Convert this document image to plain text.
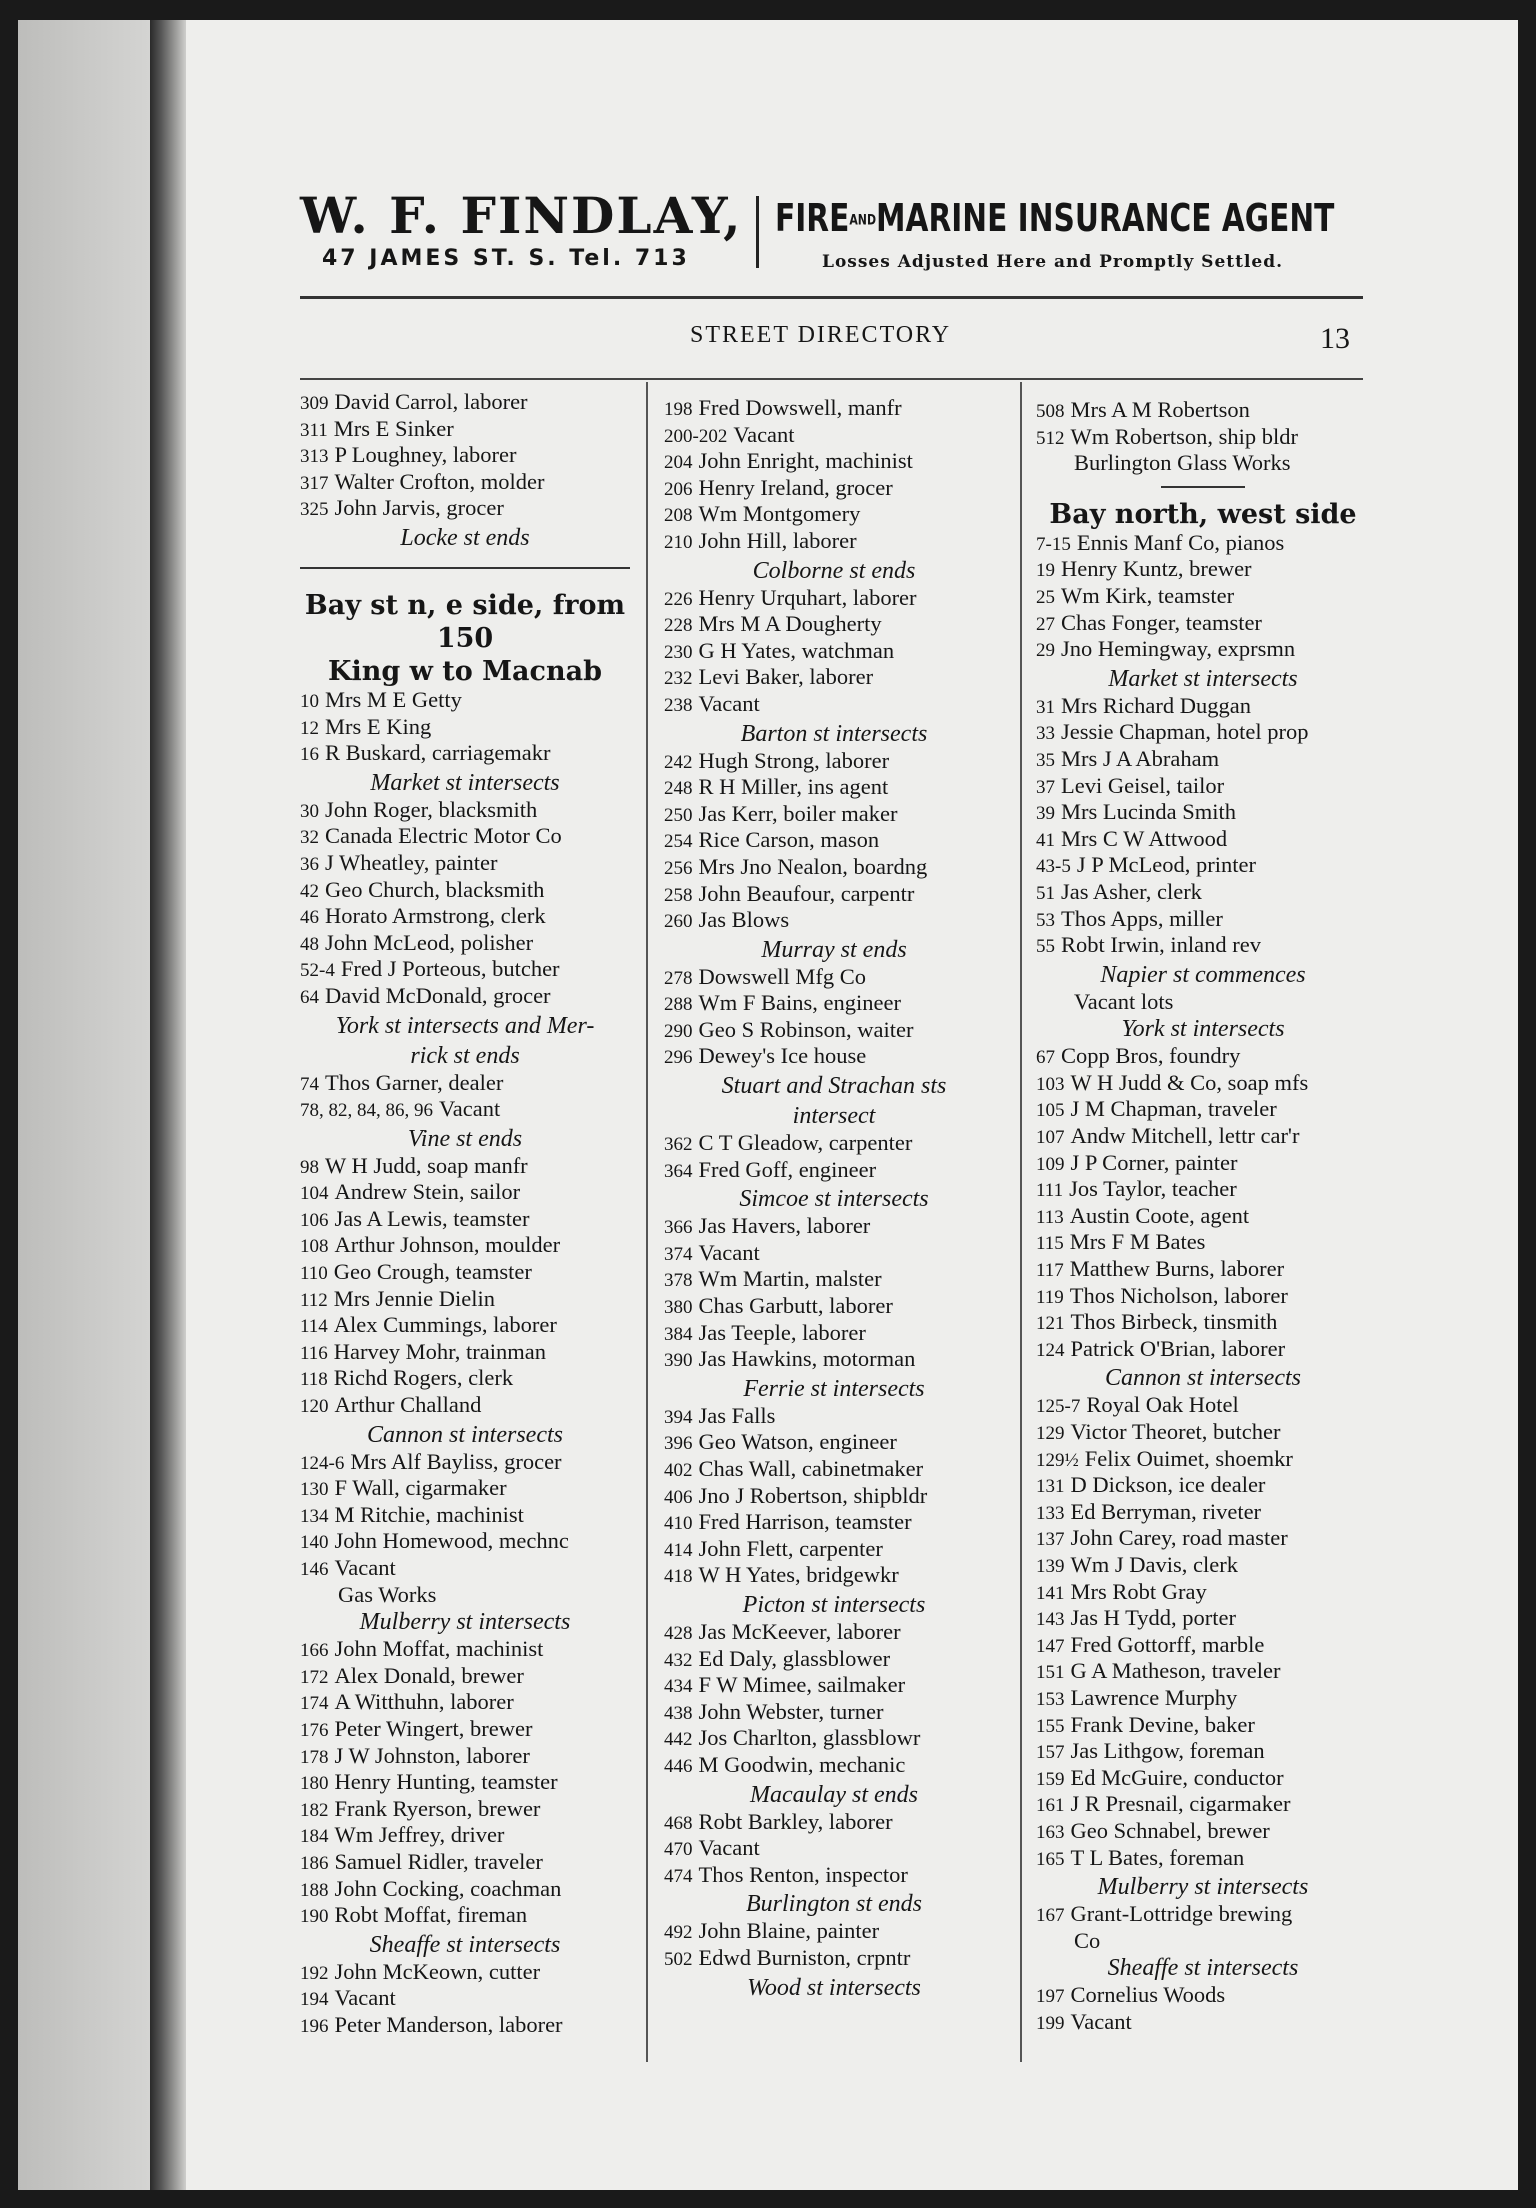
W. F. FINDLAY,
47 JAMES ST. S. Tel. 713
FIREANDMARINE INSURANCE AGENT
Losses Adjusted Here and Promptly Settled.
STREET DIRECTORY	13
309 David Carrol, laborer
311 Mrs E Sinker
313 P Loughney, laborer
317 Walter Crofton, molder
325 John Jarvis, grocer
Locke st ends
Bay st n, e side, from 150
King w to Macnab
10 Mrs M E Getty
12 Mrs E King
16 R Buskard, carriagemakr
Market st intersects
30 John Roger, blacksmith
32 Canada Electric Motor Co
36 J Wheatley, painter
42 Geo Church, blacksmith
46 Horato Armstrong, clerk
48 John McLeod, polisher
52-4 Fred J Porteous, butcher
64 David McDonald, grocer
York st intersects and Mer-
rick st ends
74 Thos Garner, dealer
78, 82, 84, 86, 96 Vacant
Vine st ends
98 W H Judd, soap manfr
104 Andrew Stein, sailor
106 Jas A Lewis, teamster
108 Arthur Johnson, moulder
110 Geo Crough, teamster
112 Mrs Jennie Dielin
114 Alex Cummings, laborer
116 Harvey Mohr, trainman
118 Richd Rogers, clerk
120 Arthur Challand
Cannon st intersects
124-6 Mrs Alf Bayliss, grocer
130 F Wall, cigarmaker
134 M Ritchie, machinist
140 John Homewood, mechnc
146 Vacant
Gas Works
Mulberry st intersects
166 John Moffat, machinist
172 Alex Donald, brewer
174 A Witthuhn, laborer
176 Peter Wingert, brewer
178 J W Johnston, laborer
180 Henry Hunting, teamster
182 Frank Ryerson, brewer
184 Wm Jeffrey, driver
186 Samuel Ridler, traveler
188 John Cocking, coachman
190 Robt Moffat, fireman
Sheaffe st intersects
192 John McKeown, cutter
194 Vacant
196 Peter Manderson, laborer
198 Fred Dowswell, manfr
200-202 Vacant
204 John Enright, machinist
206 Henry Ireland, grocer
208 Wm Montgomery
210 John Hill, laborer
Colborne st ends
226 Henry Urquhart, laborer
228 Mrs M A Dougherty
230 G H Yates, watchman
232 Levi Baker, laborer
238 Vacant
Barton st intersects
242 Hugh Strong, laborer
248 R H Miller, ins agent
250 Jas Kerr, boiler maker
254 Rice Carson, mason
256 Mrs Jno Nealon, boardng
258 John Beaufour, carpentr
260 Jas Blows
Murray st ends
278 Dowswell Mfg Co
288 Wm F Bains, engineer
290 Geo S Robinson, waiter
296 Dewey's Ice house
Stuart and Strachan sts
intersect
362 C T Gleadow, carpenter
364 Fred Goff, engineer
Simcoe st intersects
366 Jas Havers, laborer
374 Vacant
378 Wm Martin, malster
380 Chas Garbutt, laborer
384 Jas Teeple, laborer
390 Jas Hawkins, motorman
Ferrie st intersects
394 Jas Falls
396 Geo Watson, engineer
402 Chas Wall, cabinetmaker
406 Jno J Robertson, shipbldr
410 Fred Harrison, teamster
414 John Flett, carpenter
418 W H Yates, bridgewkr
Picton st intersects
428 Jas McKeever, laborer
432 Ed Daly, glassblower
434 F W Mimee, sailmaker
438 John Webster, turner
442 Jos Charlton, glassblowr
446 M Goodwin, mechanic
Macaulay st ends
468 Robt Barkley, laborer
470 Vacant
474 Thos Renton, inspector
Burlington st ends
492 John Blaine, painter
502 Edwd Burniston, crpntr
Wood st intersects
508 Mrs A M Robertson
512 Wm Robertson, ship bldr
Burlington Glass Works
Bay north, west side
7-15 Ennis Manf Co, pianos
19 Henry Kuntz, brewer
25 Wm Kirk, teamster
27 Chas Fonger, teamster
29 Jno Hemingway, exprsmn
Market st intersects
31 Mrs Richard Duggan
33 Jessie Chapman, hotel prop
35 Mrs J A Abraham
37 Levi Geisel, tailor
39 Mrs Lucinda Smith
41 Mrs C W Attwood
43-5 J P McLeod, printer
51 Jas Asher, clerk
53 Thos Apps, miller
55 Robt Irwin, inland rev
Napier st commences
Vacant lots
York st intersects
67 Copp Bros, foundry
103 W H Judd & Co, soap mfs
105 J M Chapman, traveler
107 Andw Mitchell, lettr car'r
109 J P Corner, painter
111 Jos Taylor, teacher
113 Austin Coote, agent
115 Mrs F M Bates
117 Matthew Burns, laborer
119 Thos Nicholson, laborer
121 Thos Birbeck, tinsmith
124 Patrick O'Brian, laborer
Cannon st intersects
125-7 Royal Oak Hotel
129 Victor Theoret, butcher
129½ Felix Ouimet, shoemkr
131 D Dickson, ice dealer
133 Ed Berryman, riveter
137 John Carey, road master
139 Wm J Davis, clerk
141 Mrs Robt Gray
143 Jas H Tydd, porter
147 Fred Gottorff, marble
151 G A Matheson, traveler
153 Lawrence Murphy
155 Frank Devine, baker
157 Jas Lithgow, foreman
159 Ed McGuire, conductor
161 J R Presnail, cigarmaker
163 Geo Schnabel, brewer
165 T L Bates, foreman
Mulberry st intersects
167 Grant-Lottridge brewing
Co
Sheaffe st intersects
197 Cornelius Woods
199 Vacant
